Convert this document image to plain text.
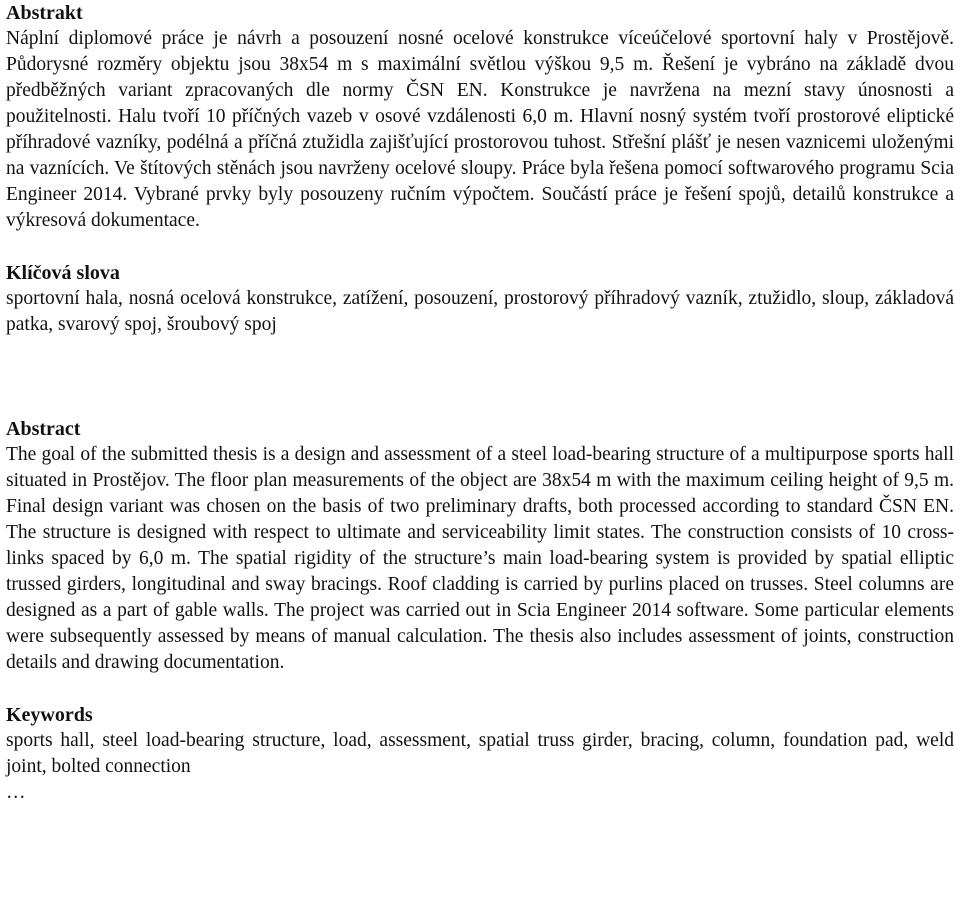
Abstrakt

Náplní diplomové práce je návrh a posouzení nosné ocelové konstrukce víceúčelové sportovní haly v Prostějově. Půdorysné rozměry objektu jsou 38x54 m s maximální světlou výškou 9,5 m. Řešení je vybráno na základě dvou předběžných variant zpracovaných dle normy ČSN EN. Konstrukce je navržena na mezní stavy únosnosti a použitelnosti. Halu tvoří 10 příčných vazeb v osové vzdálenosti 6,0 m. Hlavní nosný systém tvoří prostorové eliptické příhradové vazníky, podélná a příčná ztužidla zajišťující prostorovou tuhost. Střešní plášť je nesen vaznicemi uloženými na vaznících. Ve štítových stěnách jsou navrženy ocelové sloupy. Práce byla řešena pomocí softwarového programu Scia Engineer 2014. Vybrané prvky byly posouzeny ručním výpočtem. Součástí práce je řešení spojů, detailů konstrukce a výkresová dokumentace.

Klíčová slova

sportovní hala, nosná ocelová konstrukce, zatížení, posouzení, prostorový příhradový vazník, ztužidlo, sloup, základová patka, svarový spoj, šroubový spoj

Abstract

The goal of the submitted thesis is a design and assessment of a steel load-bearing structure of a multipurpose sports hall situated in Prostějov. The floor plan measurements of the object are 38x54 m with the maximum ceiling height of 9,5 m. Final design variant was chosen on the basis of two preliminary drafts, both processed according to standard ČSN EN. The structure is designed with respect to ultimate and serviceability limit states. The construction consists of 10 cross-links spaced by 6,0 m. The spatial rigidity of the structure’s main load-bearing system is provided by spatial elliptic trussed girders, longitudinal and sway bracings. Roof cladding is carried by purlins placed on trusses. Steel columns are designed as a part of gable walls. The project was carried out in Scia Engineer 2014 software. Some particular elements were subsequently assessed by means of manual calculation. The thesis also includes assessment of joints, construction details and drawing documentation.

Keywords

sports hall, steel load-bearing structure, load, assessment, spatial truss girder, bracing, column, foundation pad, weld joint, bolted connection

…
